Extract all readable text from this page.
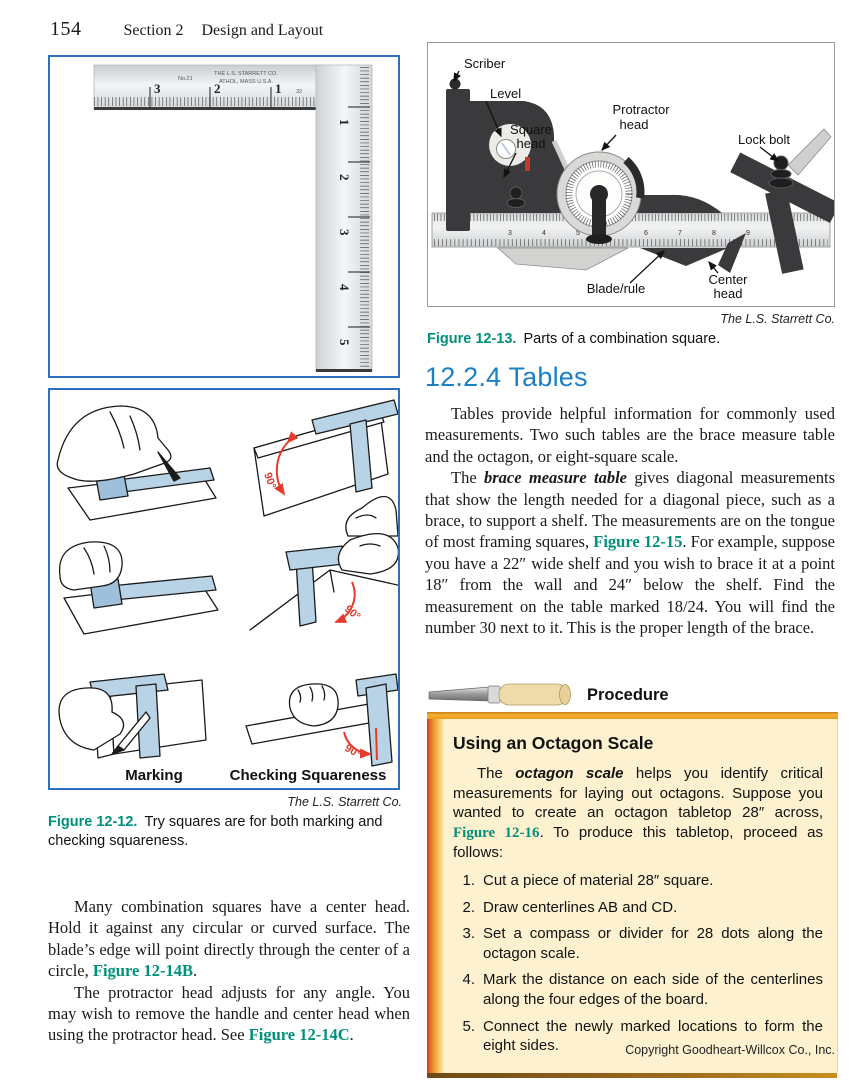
154	Section 2 Design and Layout
3	2	1	32
No.21
THE L.S. STARRETT CO.
ATHOL, MASS U.S.A.
1
2
3
4
5
90°
90°
90°
Marking	Checking Squareness
The L.S. Starrett Co.
Figure 12-12. Try squares are for both marking and checking squareness.

Many combination squares have a center head. Hold it against any circular or curved surface. The blade’s edge will point directly through the center of a circle, Figure 12-14B.

The protractor head adjusts for any angle. You may wish to remove the handle and center head when using the protractor head. See Figure 12-14C.

3	4	5	6	7	8	9
Scriber
Level
Square
head
Protractor
head
Lock bolt
Blade/rule
Center
head
The L.S. Starrett Co.
Figure 12-13. Parts of a combination square.
12.2.4 Tables

Tables provide helpful information for commonly used measurements. Two such tables are the brace measure table and the octagon, or eight-square scale.

The brace measure table gives diagonal measurements that show the length needed for a diagonal piece, such as a brace, to support a shelf. The measurements are on the tongue of most framing squares, Figure 12-15. For example, suppose you have a 22″ wide shelf and you wish to brace it at a point 18″ from the wall and 24″ below the shelf. Find the measurement on the table marked 18/24. You will find the number 30 next to it. This is the proper length of the brace.

Procedure
Using an Octagon Scale

The octagon scale helps you identify critical measurements for laying out octagons. Suppose you wanted to create an octagon tabletop 28″ across, Figure 12-16. To produce this tabletop, proceed as follows:

1. Cut a piece of material 28″ square.
2. Draw centerlines AB and CD.
3. Set a compass or divider for 28 dots along the octagon scale.
4. Mark the distance on each side of the centerlines along the four edges of the board.
5. Connect the newly marked locations to form the eight sides.	Copyright Goodheart-Willcox Co., Inc.
